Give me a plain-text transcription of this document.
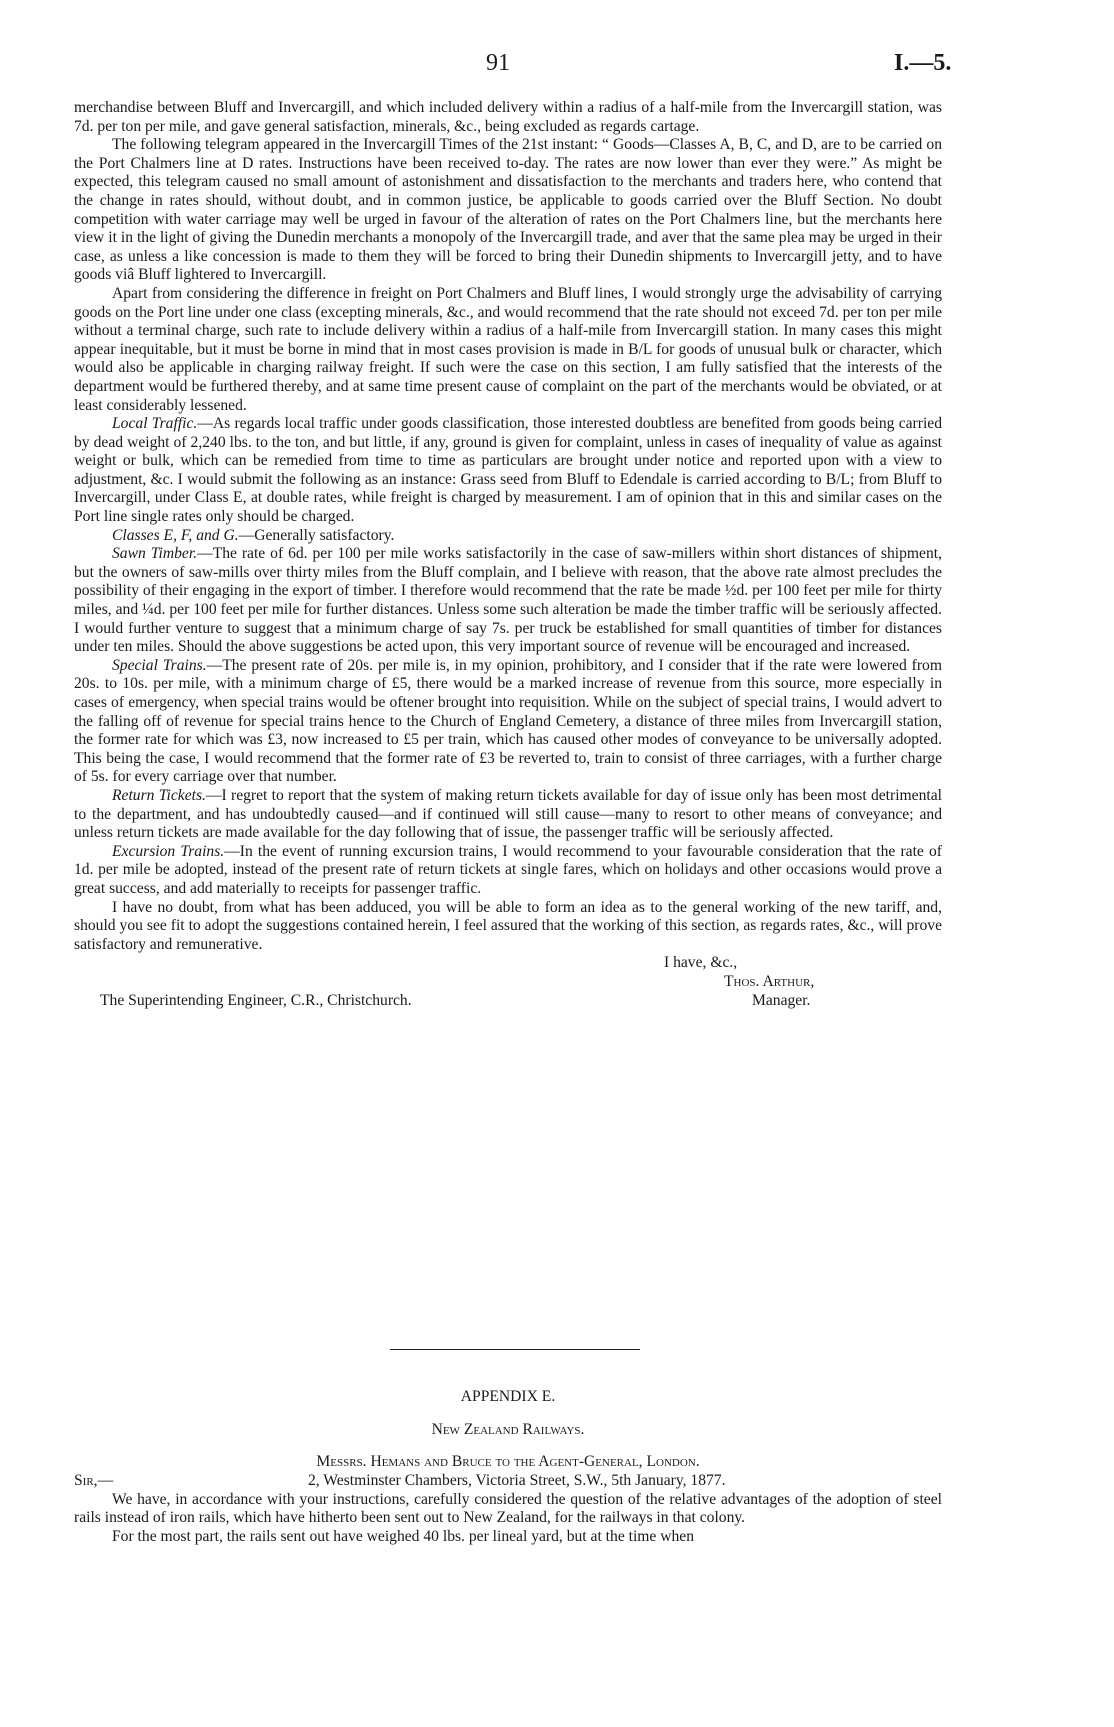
91	I.—5.

merchandise between Bluff and Invercargill, and which included delivery within a radius of a half-mile from the Invercargill station, was 7d. per ton per mile, and gave general satisfaction, minerals, &c., being excluded as regards cartage.

The following telegram appeared in the Invercargill Times of the 21st instant: “ Goods—Classes A, B, C, and D, are to be carried on the Port Chalmers line at D rates. Instructions have been received to-day. The rates are now lower than ever they were.” As might be expected, this telegram caused no small amount of astonishment and dissatisfaction to the merchants and traders here, who contend that the change in rates should, without doubt, and in common justice, be applicable to goods carried over the Bluff Section. No doubt competition with water carriage may well be urged in favour of the alteration of rates on the Port Chalmers line, but the merchants here view it in the light of giving the Dunedin merchants a monopoly of the Invercargill trade, and aver that the same plea may be urged in their case, as unless a like concession is made to them they will be forced to bring their Dunedin shipments to Invercargill jetty, and to have goods viâ Bluff lightered to Invercargill.

Apart from considering the difference in freight on Port Chalmers and Bluff lines, I would strongly urge the advisability of carrying goods on the Port line under one class (excepting minerals, &c., and would recommend that the rate should not exceed 7d. per ton per mile without a terminal charge, such rate to include delivery within a radius of a half-mile from Invercargill station. In many cases this might appear inequitable, but it must be borne in mind that in most cases provision is made in B/L for goods of unusual bulk or character, which would also be applicable in charging railway freight. If such were the case on this section, I am fully satisfied that the interests of the department would be furthered thereby, and at same time present cause of complaint on the part of the merchants would be obviated, or at least considerably lessened.

Local Traffic.—As regards local traffic under goods classification, those interested doubtless are benefited from goods being carried by dead weight of 2,240 lbs. to the ton, and but little, if any, ground is given for complaint, unless in cases of inequality of value as against weight or bulk, which can be remedied from time to time as particulars are brought under notice and reported upon with a view to adjustment, &c. I would submit the following as an instance: Grass seed from Bluff to Edendale is carried according to B/L; from Bluff to Invercargill, under Class E, at double rates, while freight is charged by measurement. I am of opinion that in this and similar cases on the Port line single rates only should be charged.

Classes E, F, and G.—Generally satisfactory.

Sawn Timber.—The rate of 6d. per 100 per mile works satisfactorily in the case of saw-millers within short distances of shipment, but the owners of saw-mills over thirty miles from the Bluff complain, and I believe with reason, that the above rate almost precludes the possibility of their engaging in the export of timber. I therefore would recommend that the rate be made ½d. per 100 feet per mile for thirty miles, and ¼d. per 100 feet per mile for further distances. Unless some such alteration be made the timber traffic will be seriously affected. I would further venture to suggest that a minimum charge of say 7s. per truck be established for small quantities of timber for distances under ten miles. Should the above suggestions be acted upon, this very important source of revenue will be encouraged and increased.

Special Trains.—The present rate of 20s. per mile is, in my opinion, prohibitory, and I consider that if the rate were lowered from 20s. to 10s. per mile, with a minimum charge of £5, there would be a marked increase of revenue from this source, more especially in cases of emergency, when special trains would be oftener brought into requisition. While on the subject of special trains, I would advert to the falling off of revenue for special trains hence to the Church of England Cemetery, a distance of three miles from Invercargill station, the former rate for which was £3, now increased to £5 per train, which has caused other modes of conveyance to be universally adopted. This being the case, I would recommend that the former rate of £3 be reverted to, train to consist of three carriages, with a further charge of 5s. for every carriage over that number.

Return Tickets.—I regret to report that the system of making return tickets available for day of issue only has been most detrimental to the department, and has undoubtedly caused—and if continued will still cause—many to resort to other means of conveyance; and unless return tickets are made available for the day following that of issue, the passenger traffic will be seriously affected.

Excursion Trains.—In the event of running excursion trains, I would recommend to your favourable consideration that the rate of 1d. per mile be adopted, instead of the present rate of return tickets at single fares, which on holidays and other occasions would prove a great success, and add materially to receipts for passenger traffic.

I have no doubt, from what has been adduced, you will be able to form an idea as to the general working of the new tariff, and, should you see fit to adopt the suggestions contained herein, I feel assured that the working of this section, as regards rates, &c., will prove satisfactory and remunerative.

I have, &c.,
Thos. Arthur,
The Superintending Engineer, C.R., Christchurch.	Manager.
APPENDIX E.
New Zealand Railways.
Messrs. Hemans and Bruce to the Agent-General, London.
Sir,—	2, Westminster Chambers, Victoria Street, S.W., 5th January, 1877.

We have, in accordance with your instructions, carefully considered the question of the relative advantages of the adoption of steel rails instead of iron rails, which have hitherto been sent out to New Zealand, for the railways in that colony.

For the most part, the rails sent out have weighed 40 lbs. per lineal yard, but at the time when
